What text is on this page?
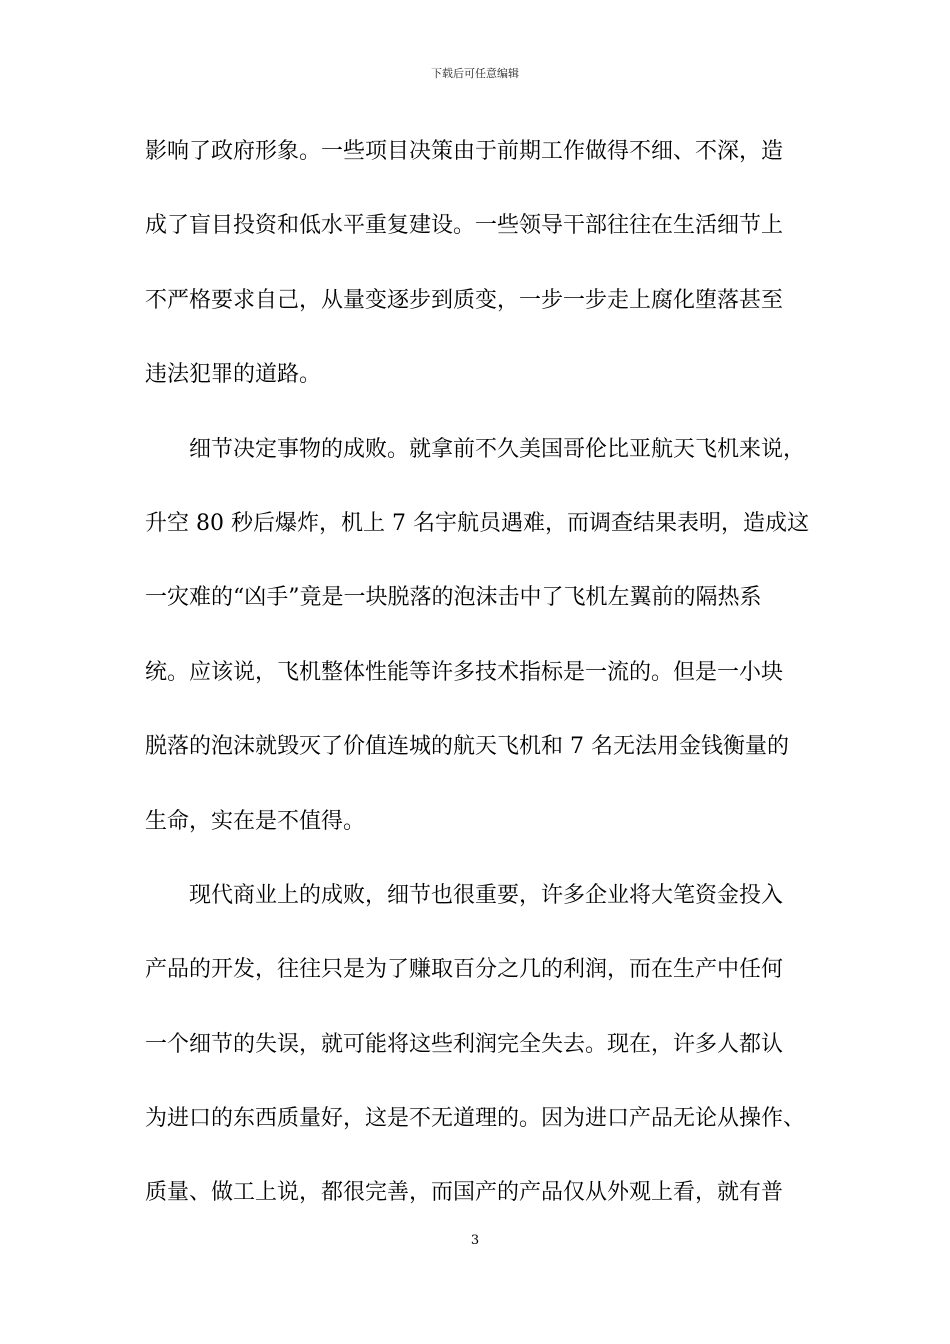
下载后可任意编辑
影响了政府形象。一些项目决策由于前期工作做得不细、不深，造
成了盲目投资和低水平重复建设。一些领导干部往往在生活细节上
不严格要求自己，从量变逐步到质变，一步一步走上腐化堕落甚至
违法犯罪的道路。
细节决定事物的成败。就拿前不久美国哥伦比亚航天飞机来说，
升空 80 秒后爆炸，机上 7 名宇航员遇难，而调查结果表明，造成这
一灾难的“凶手”竟是一块脱落的泡沫击中了飞机左翼前的隔热系
统。应该说，飞机整体性能等许多技术指标是一流的。但是一小块
脱落的泡沫就毁灭了价值连城的航天飞机和 7 名无法用金钱衡量的
生命，实在是不值得。
现代商业上的成败，细节也很重要，许多企业将大笔资金投入
产品的开发，往往只是为了赚取百分之几的利润，而在生产中任何
一个细节的失误，就可能将这些利润完全失去。现在，许多人都认
为进口的东西质量好，这是不无道理的。因为进口产品无论从操作、
质量、做工上说，都很完善，而国产的产品仅从外观上看，就有普
3
